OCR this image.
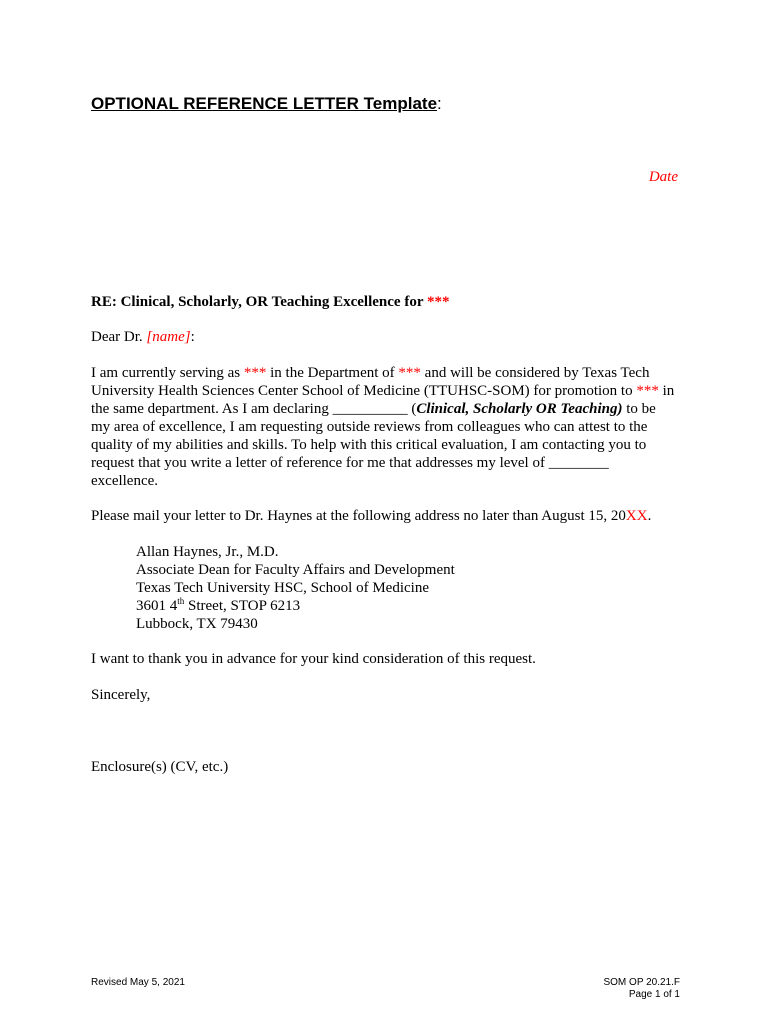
OPTIONAL REFERENCE LETTER Template:
Date
RE: Clinical, Scholarly, OR Teaching Excellence for ***
Dear Dr. [name]:
I am currently serving as *** in the Department of *** and will be considered by Texas Tech
University Health Sciences Center School of Medicine (TTUHSC-SOM) for promotion to *** in
the same department. As I am declaring __________ (Clinical, Scholarly OR Teaching) to be
my area of excellence, I am requesting outside reviews from colleagues who can attest to the
quality of my abilities and skills. To help with this critical evaluation, I am contacting you to
request that you write a letter of reference for me that addresses my level of ________
excellence.
Please mail your letter to Dr. Haynes at the following address no later than August 15, 20XX.
Allan Haynes, Jr., M.D.
Associate Dean for Faculty Affairs and Development
Texas Tech University HSC, School of Medicine
3601 4th Street, STOP 6213
Lubbock, TX 79430
I want to thank you in advance for your kind consideration of this request.
Sincerely,
Enclosure(s) (CV, etc.)
Revised May 5, 2021	SOM OP 20.21.F
Page 1 of 1
